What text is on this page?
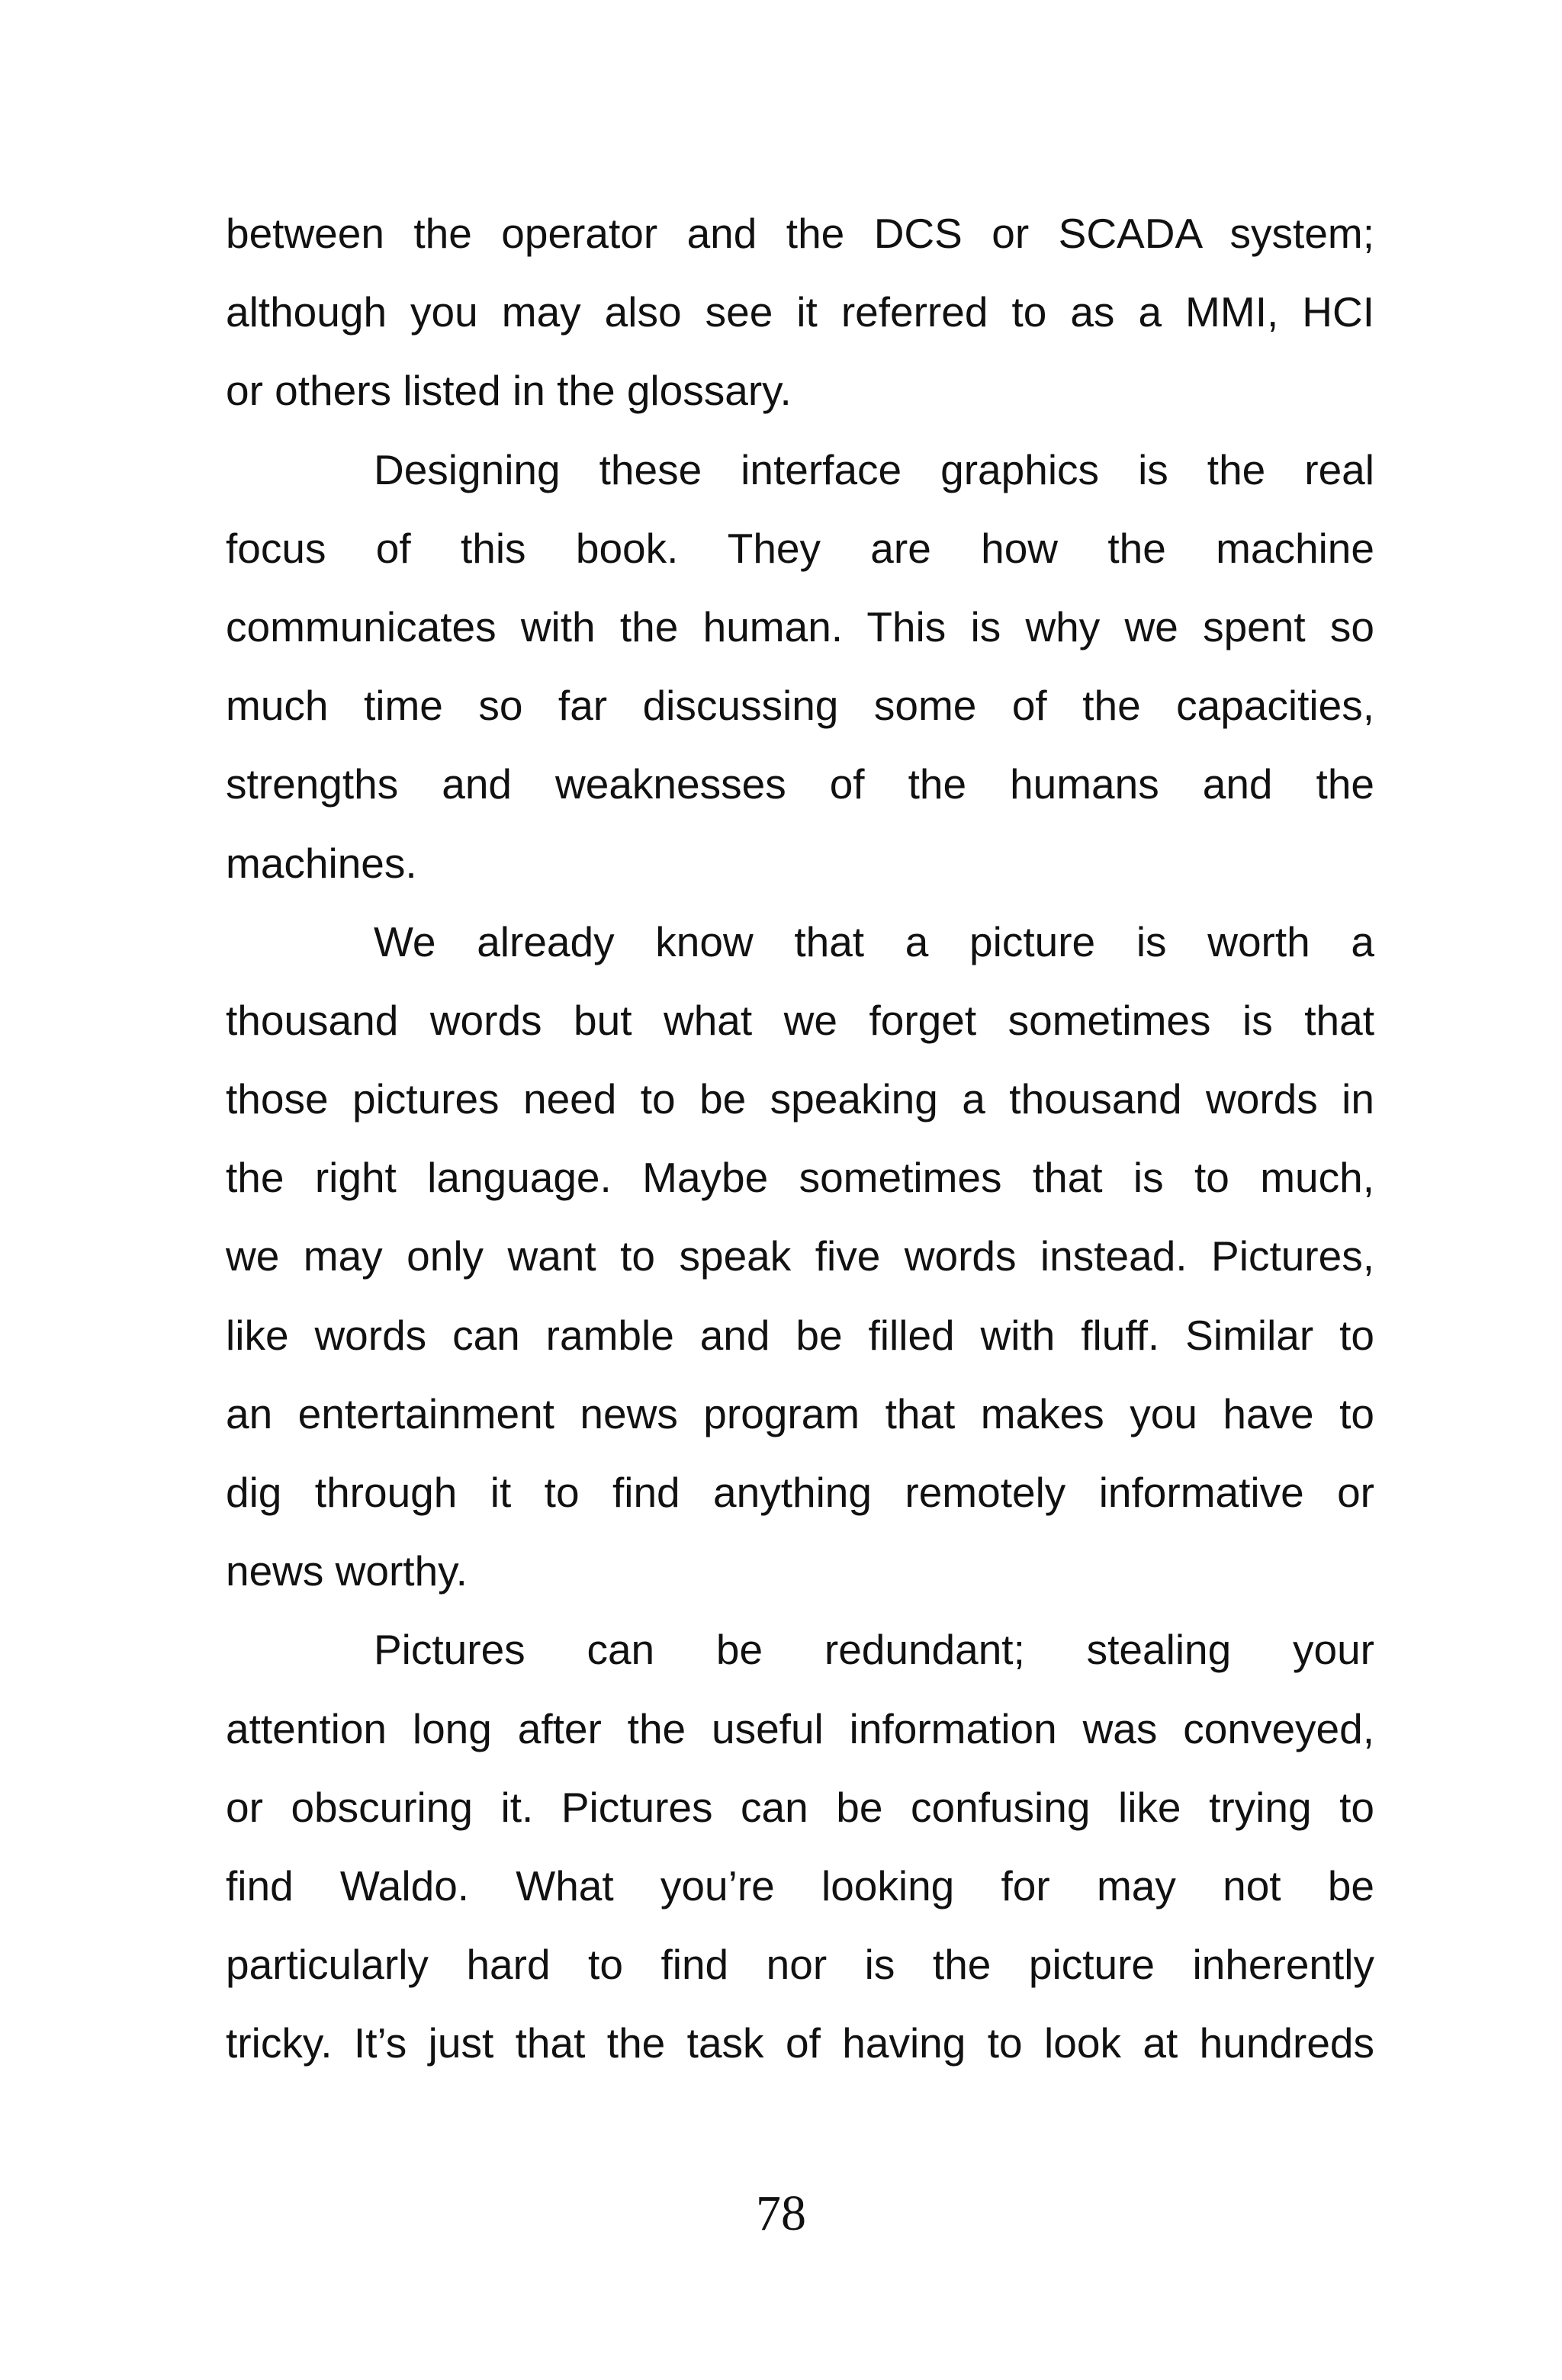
between the operator and the DCS or SCADA system;
although you may also see it referred to as a MMI, HCI
or others listed in the glossary.
Designing these interface graphics is the real
focus of this book. They are how the machine
communicates with the human. This is why we spent so
much time so far discussing some of the capacities,
strengths and weaknesses of the humans and the
machines.
We already know that a picture is worth a
thousand words but what we forget sometimes is that
those pictures need to be speaking a thousand words in
the right language. Maybe sometimes that is to much,
we may only want to speak five words instead. Pictures,
like words can ramble and be filled with fluff. Similar to
an entertainment news program that makes you have to
dig through it to find anything remotely informative or
news worthy.
Pictures can be redundant; stealing your
attention long after the useful information was conveyed,
or obscuring it. Pictures can be confusing like trying to
find Waldo. What you’re looking for may not be
particularly hard to find nor is the picture inherently
tricky. It’s just that the task of having to look at hundreds
78
